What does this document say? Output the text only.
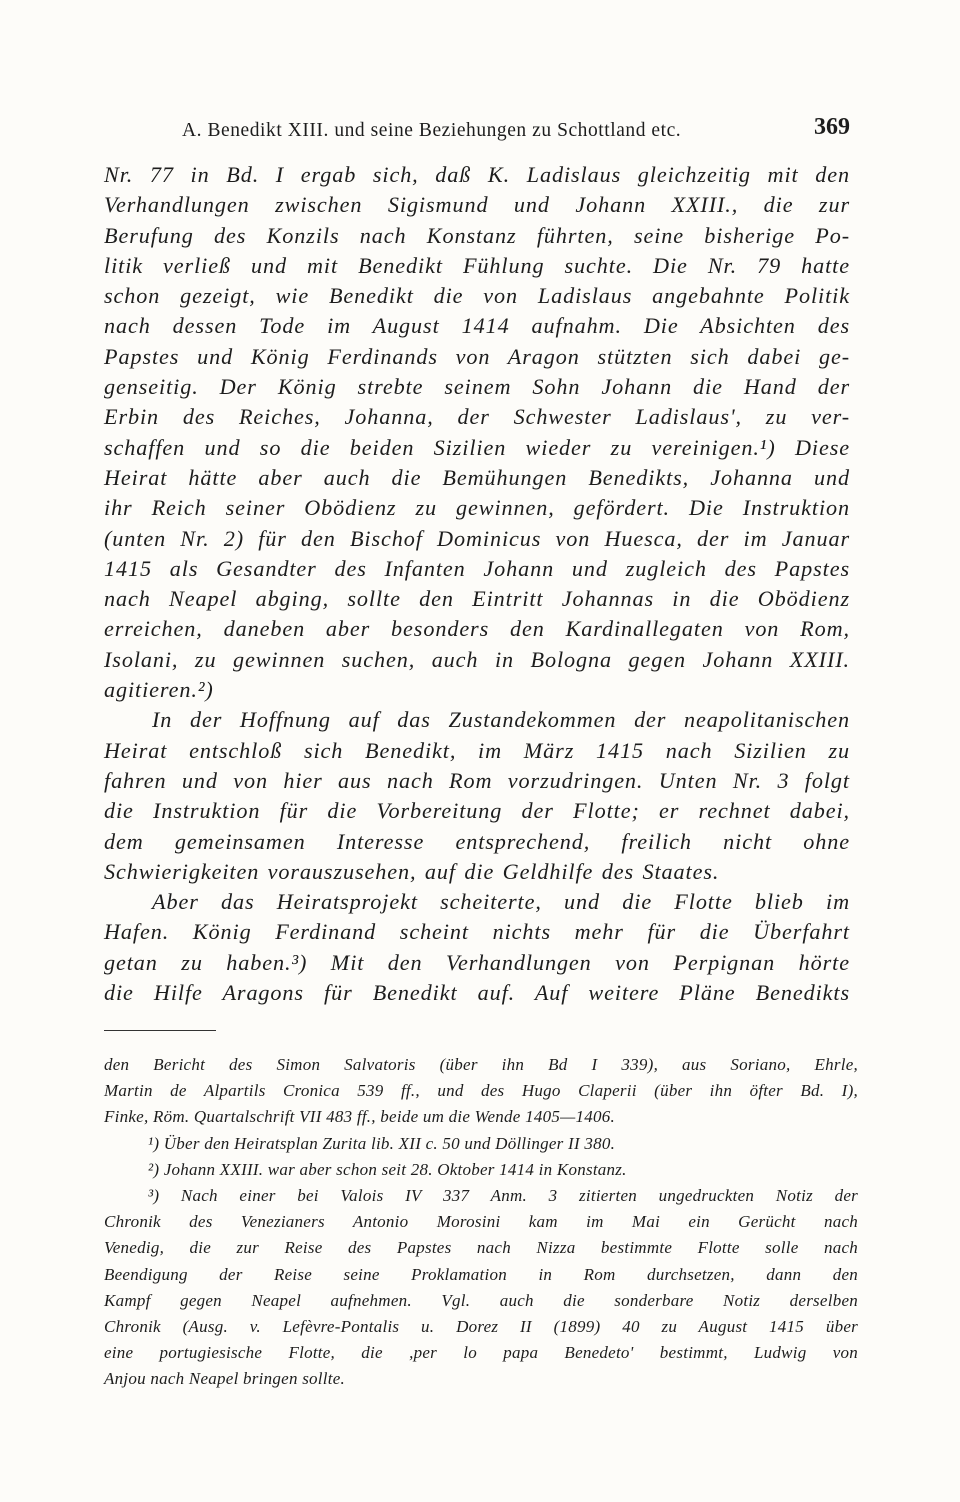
A. Benedikt XIII. und seine Beziehungen zu Schottland etc.	369
Nr. 77 in Bd. I ergab sich, daß K. Ladislaus gleichzeitig mit den
Verhandlungen zwischen Sigismund und Johann XXIII., die zur
Berufung des Konzils nach Konstanz führten, seine bisherige Po-
litik verließ und mit Benedikt Fühlung suchte. Die Nr. 79 hatte
schon gezeigt, wie Benedikt die von Ladislaus angebahnte Politik
nach dessen Tode im August 1414 aufnahm. Die Absichten des
Papstes und König Ferdinands von Aragon stützten sich dabei ge-
genseitig. Der König strebte seinem Sohn Johann die Hand der
Erbin des Reiches, Johanna, der Schwester Ladislaus', zu ver-
schaffen und so die beiden Sizilien wieder zu vereinigen.¹) Diese
Heirat hätte aber auch die Bemühungen Benedikts, Johanna und
ihr Reich seiner Obödienz zu gewinnen, gefördert. Die Instruktion
(unten Nr. 2) für den Bischof Dominicus von Huesca, der im Januar
1415 als Gesandter des Infanten Johann und zugleich des Papstes
nach Neapel abging, sollte den Eintritt Johannas in die Obödienz
erreichen, daneben aber besonders den Kardinallegaten von Rom,
Isolani, zu gewinnen suchen, auch in Bologna gegen Johann XXIII.
agitieren.²)
In der Hoffnung auf das Zustandekommen der neapolitanischen
Heirat entschloß sich Benedikt, im März 1415 nach Sizilien zu
fahren und von hier aus nach Rom vorzudringen. Unten Nr. 3 folgt
die Instruktion für die Vorbereitung der Flotte; er rechnet dabei,
dem gemeinsamen Interesse entsprechend, freilich nicht ohne
Schwierigkeiten vorauszusehen, auf die Geldhilfe des Staates.
Aber das Heiratsprojekt scheiterte, und die Flotte blieb im
Hafen. König Ferdinand scheint nichts mehr für die Überfahrt
getan zu haben.³) Mit den Verhandlungen von Perpignan hörte
die Hilfe Aragons für Benedikt auf. Auf weitere Pläne Benedikts
den Bericht des Simon Salvatoris (über ihn Bd I 339), aus Soriano, Ehrle,
Martin de Alpartils Cronica 539 ff., und des Hugo Claperii (über ihn öfter Bd. I),
Finke, Röm. Quartalschrift VII 483 ff., beide um die Wende 1405—1406.
¹) Über den Heiratsplan Zurita lib. XII c. 50 und Döllinger II 380.
²) Johann XXIII. war aber schon seit 28. Oktober 1414 in Konstanz.
³) Nach einer bei Valois IV 337 Anm. 3 zitierten ungedruckten Notiz der
Chronik des Venezianers Antonio Morosini kam im Mai ein Gerücht nach
Venedig, die zur Reise des Papstes nach Nizza bestimmte Flotte solle nach
Beendigung der Reise seine Proklamation in Rom durchsetzen, dann den
Kampf gegen Neapel aufnehmen. Vgl. auch die sonderbare Notiz derselben
Chronik (Ausg. v. Lefèvre-Pontalis u. Dorez II (1899) 40 zu August 1415 über
eine portugiesische Flotte, die ,per lo papa Benedeto' bestimmt, Ludwig von
Anjou nach Neapel bringen sollte.
